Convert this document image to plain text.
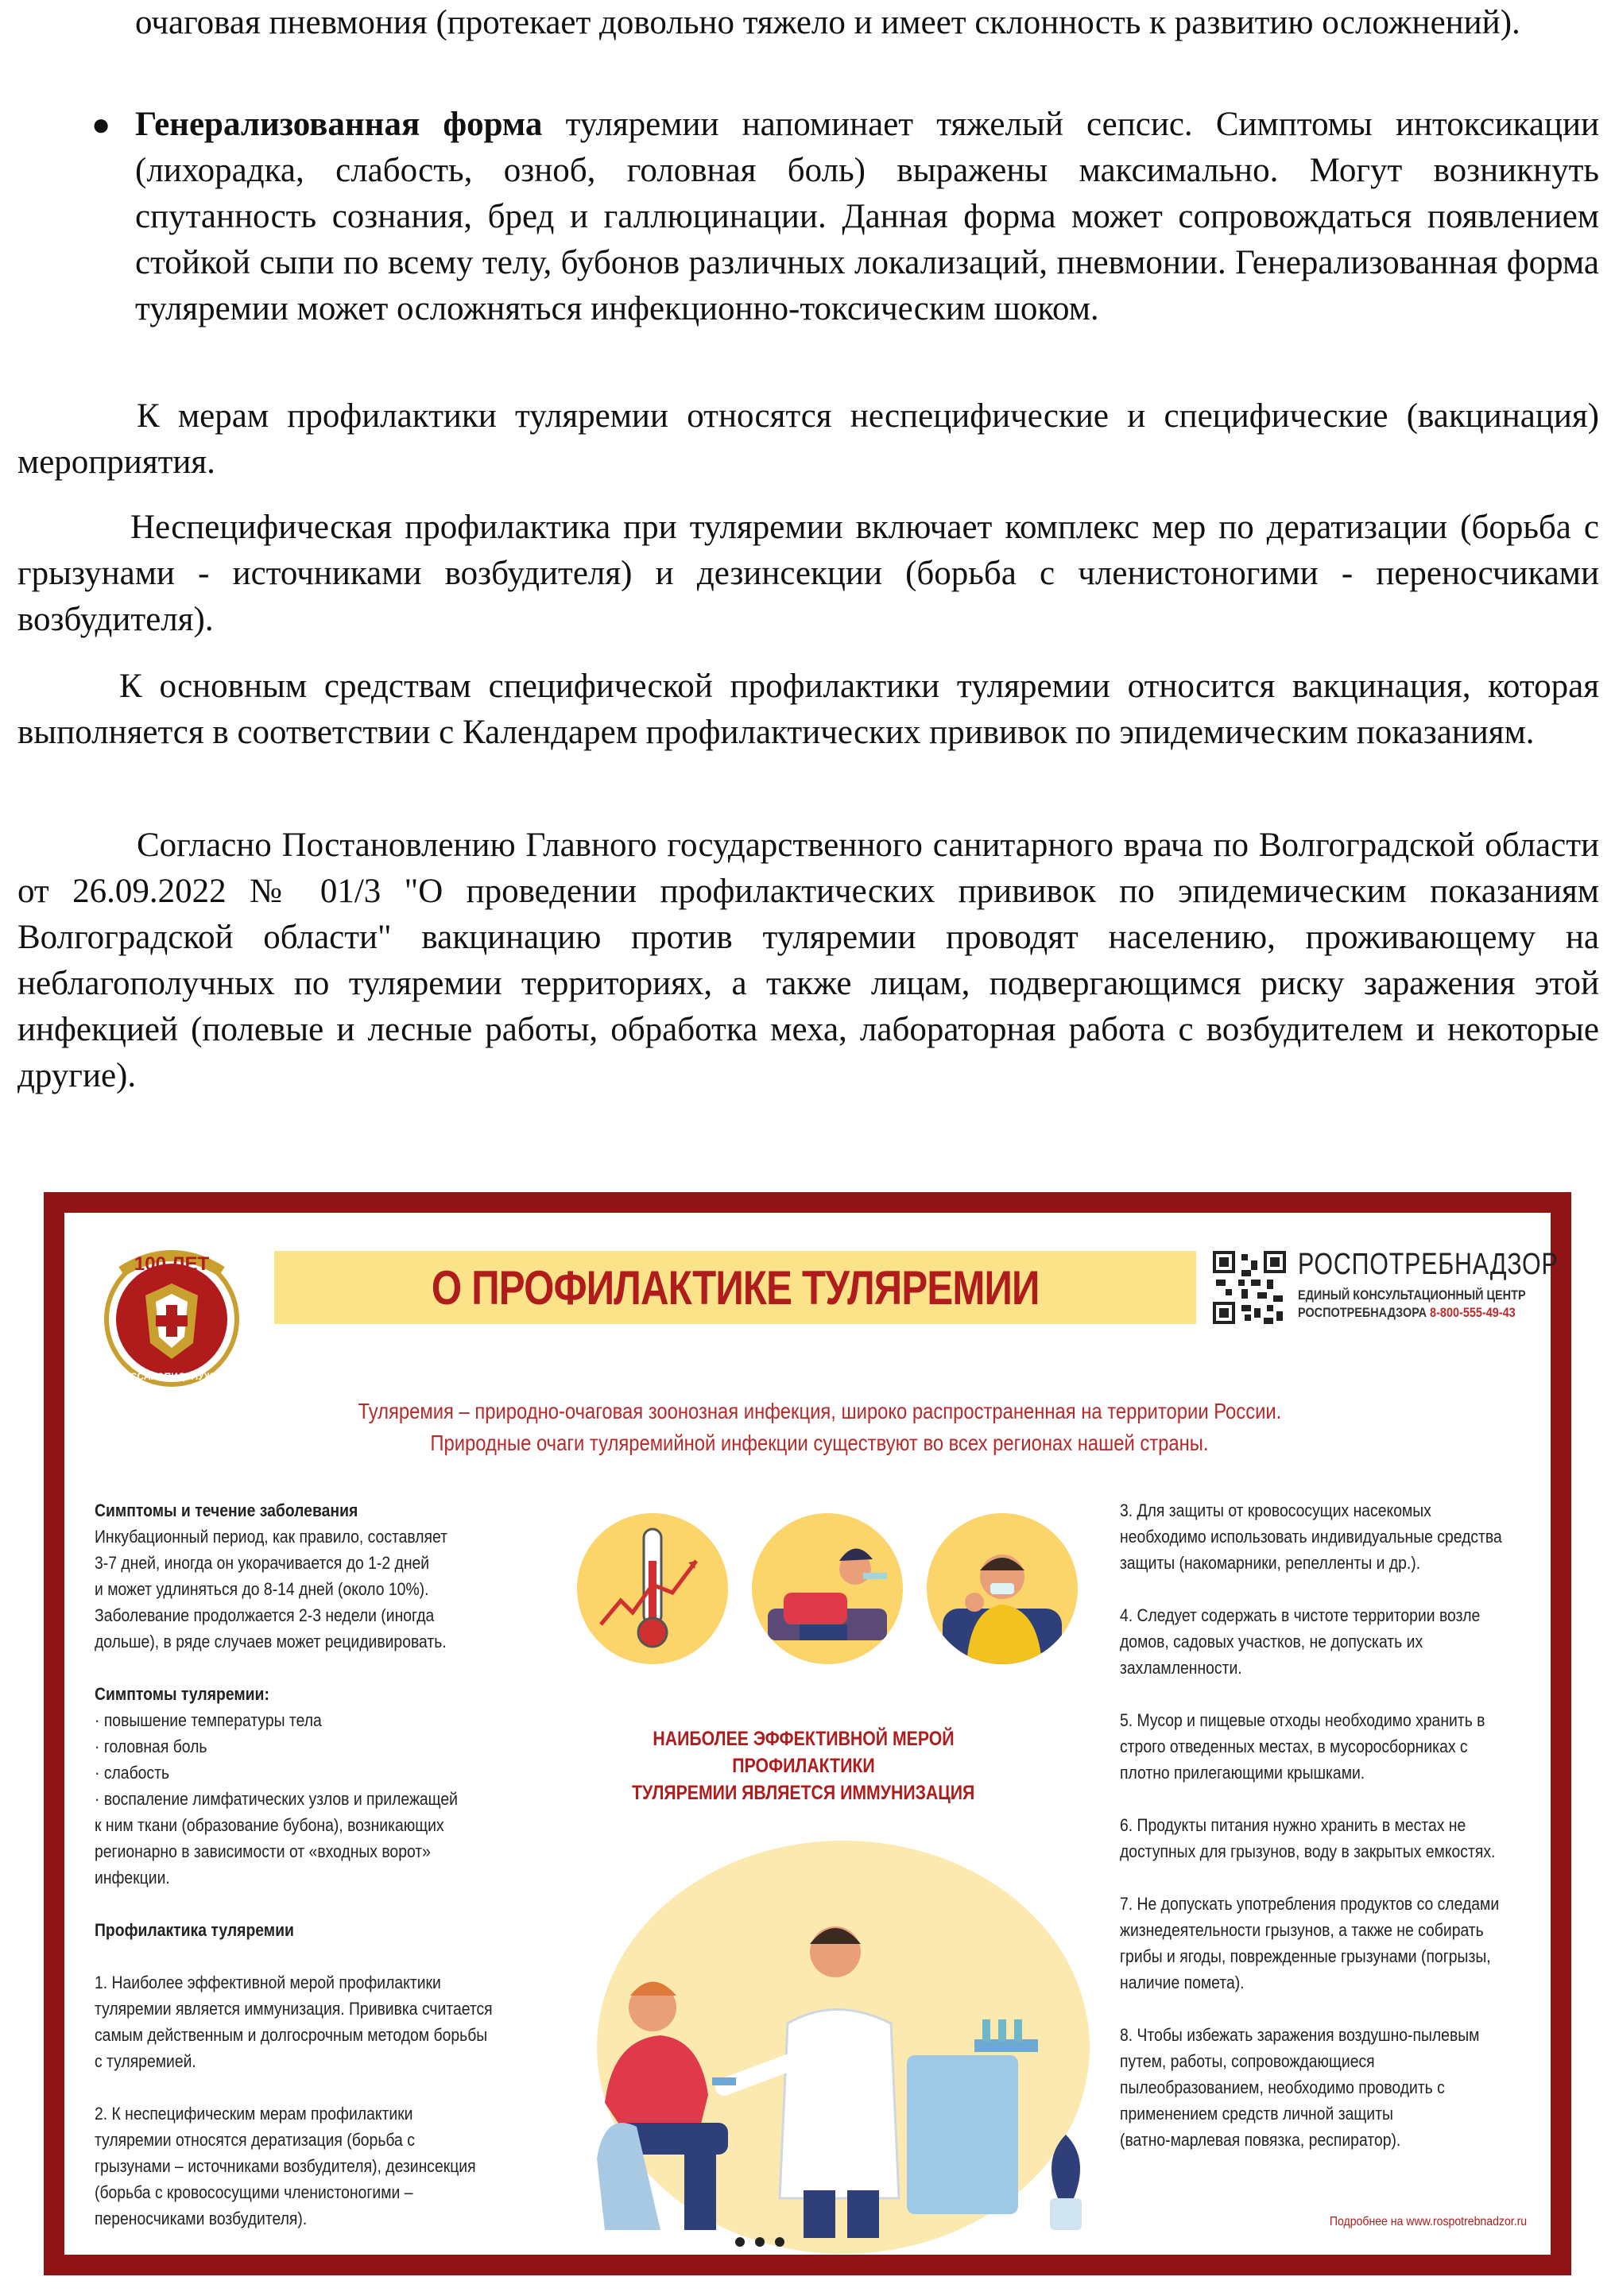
очаговая пневмония (протекает довольно тяжело и имеет склонность к развитию осложнений).

● Генерализованная форма туляремии напоминает тяжелый сепсис. Симптомы интоксикации (лихорадка, слабость, озноб, головная боль) выражены максимально. Могут возникнуть спутанность сознания, бред и галлюцинации. Данная форма может сопровождаться появлением стойкой сыпи по всему телу, бубонов различных локализаций, пневмонии. Генерализованная форма туляремии может осложняться инфекционно-токсическим шоком.

К мерам профилактики туляремии относятся неспецифические и специфические (вакцинация) мероприятия.

Неспецифическая профилактика при туляремии включает комплекс мер по дератизации (борьба с грызунами - источниками возбудителя) и дезинсекции (борьба с членистоногими - переносчиками возбудителя).

К основным средствам специфической профилактики туляремии относится вакцинация, которая выполняется в соответствии с Календарем профилактических прививок по эпидемическим показаниям.

Согласно Постановлению Главного государственного санитарного врача по Волгоградской области от 26.09.2022 № 01/3 "О проведении профилактических прививок по эпидемическим показаниям Волгоградской области" вакцинацию против туляремии проводят населению, проживающему на неблагополучных по туляремии территориях, а также лицам, подвергающимся риску заражения этой инфекцией (полевые и лесные работы, обработка меха, лабораторная работа с возбудителем и некоторые другие).

100 ЛЕТ
ГОССАНЭПИДСЛУЖБА
О ПРОФИЛАКТИКЕ ТУЛЯРЕМИИ	РОСПОТРЕБНАДЗОР
ЕДИНЫЙ КОНСУЛЬТАЦИОННЫЙ ЦЕНТР
РОСПОТРЕБНАДЗОРА 8-800-555-49-43
Туляремия – природно-очаговая зоонозная инфекция, широко распространенная на территории России.
Природные очаги туляремийной инфекции существуют во всех регионах нашей страны.
Симптомы и течение заболевания
Инкубационный период, как правило, составляет
3-7 дней, иногда он укорачивается до 1-2 дней
и может удлиняться до 8-14 дней (около 10%).
Заболевание продолжается 2-3 недели (иногда
дольше), в ряде случаев может рецидивировать.
Симптомы туляремии:
· повышение температуры тела
· головная боль
· слабость
· воспаление лимфатических узлов и прилежащей
к ним ткани (образование бубона), возникающих
регионарно в зависимости от «входных ворот»
инфекции.
Профилактика туляремии
1. Наиболее эффективной мерой профилактики
туляремии является иммунизация. Прививка считается
самым действенным и долгосрочным методом борьбы
с туляремией.
2. К неспецифическим мерам профилактики
туляремии относятся дератизация (борьба с
грызунами – источниками возбудителя), дезинсекция
(борьба с кровососущими членистоногими –
переносчиками возбудителя).
3. Для защиты от кровососущих насекомых
необходимо использовать индивидуальные средства
защиты (накомарники, репелленты и др.).
4. Следует содержать в чистоте территории возле
домов, садовых участков, не допускать их
захламленности.
5. Мусор и пищевые отходы необходимо хранить в
строго отведенных местах, в мусоросборниках с
плотно прилегающими крышками.
6. Продукты питания нужно хранить в местах не
доступных для грызунов, воду в закрытых емкостях.
7. Не допускать употребления продуктов со следами
жизнедеятельности грызунов, а также не собирать
грибы и ягоды, поврежденные грызунами (погрызы,
наличие помета).
8. Чтобы избежать заражения воздушно-пылевым
путем, работы, сопровождающиеся
пылеобразованием, необходимо проводить с
применением средств личной защиты
(ватно-марлевая повязка, респиратор).
НАИБОЛЕЕ ЭФФЕКТИВНОЙ МЕРОЙ ПРОФИЛАКТИКИ
ТУЛЯРЕМИИ ЯВЛЯЕТСЯ ИММУНИЗАЦИЯ
Подробнее на www.rospotrebnadzor.ru
